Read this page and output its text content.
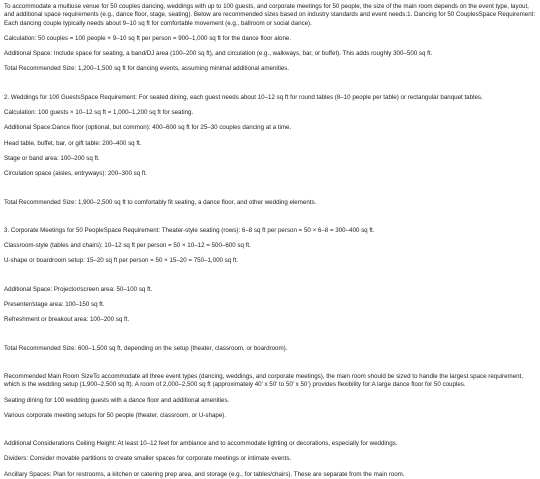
To accommodate a multiuse venue for 50 couples dancing, weddings with up to 100 guests, and corporate meetings for 50 people, the size of the main room depends on the event type, layout, and additional space requirements (e.g., dance floor, stage, seating). Below are recommended sizes based on industry standards and event needs:1. Dancing for 50 CouplesSpace Requirement: Each dancing couple typically needs about 9–10 sq ft for comfortable movement (e.g., ballroom or social dance).

Calculation: 50 couples = 100 people × 9–10 sq ft per person = 900–1,000 sq ft for the dance floor alone.

Additional Space: Include space for seating, a band/DJ area (100–200 sq ft), and circulation (e.g., walkways, bar, or buffet). This adds roughly 300–500 sq ft.

Total Recommended Size: 1,200–1,500 sq ft for dancing events, assuming minimal additional amenities.

2. Weddings for 100 GuestsSpace Requirement: For seated dining, each guest needs about 10–12 sq ft for round tables (8–10 people per table) or rectangular banquet tables.

Calculation: 100 guests × 10–12 sq ft = 1,000–1,200 sq ft for seating.

Additional Space:Dance floor (optional, but common): 400–600 sq ft for 25–30 couples dancing at a time.

Head table, buffet, bar, or gift table: 200–400 sq ft.

Stage or band area: 100–200 sq ft.

Circulation space (aisles, entryways): 200–300 sq ft.

Total Recommended Size: 1,900–2,500 sq ft to comfortably fit seating, a dance floor, and other wedding elements.

3. Corporate Meetings for 50 PeopleSpace Requirement: Theater-style seating (rows): 6–8 sq ft per person = 50 × 6–8 = 300–400 sq ft.

Classroom-style (tables and chairs): 10–12 sq ft per person = 50 × 10–12 = 500–600 sq ft.

U-shape or boardroom setup: 15–20 sq ft per person = 50 × 15–20 = 750–1,000 sq ft.

Additional Space: Projector/screen area: 50–100 sq ft.

Presenter/stage area: 100–150 sq ft.

Refreshment or breakout area: 100–200 sq ft.

Total Recommended Size: 600–1,500 sq ft, depending on the setup (theater, classroom, or boardroom).

Recommended Main Room SizeTo accommodate all three event types (dancing, weddings, and corporate meetings), the main room should be sized to handle the largest space requirement, which is the wedding setup (1,900–2,500 sq ft). A room of 2,000–2,500 sq ft (approximately 40’ x 50’ to 50’ x 50’) provides flexibility for:A large dance floor for 50 couples.

Seating dining for 100 wedding guests with a dance floor and additional amenities.

Various corporate meeting setups for 50 people (theater, classroom, or U-shape).

Additional Considerations Ceiling Height: At least 10–12 feet for ambiance and to accommodate lighting or decorations, especially for weddings.

Dividers: Consider movable partitions to create smaller spaces for corporate meetings or intimate events.

Ancillary Spaces: Plan for restrooms, a kitchen or catering prep area, and storage (e.g., for tables/chairs). These are separate from the main room.
